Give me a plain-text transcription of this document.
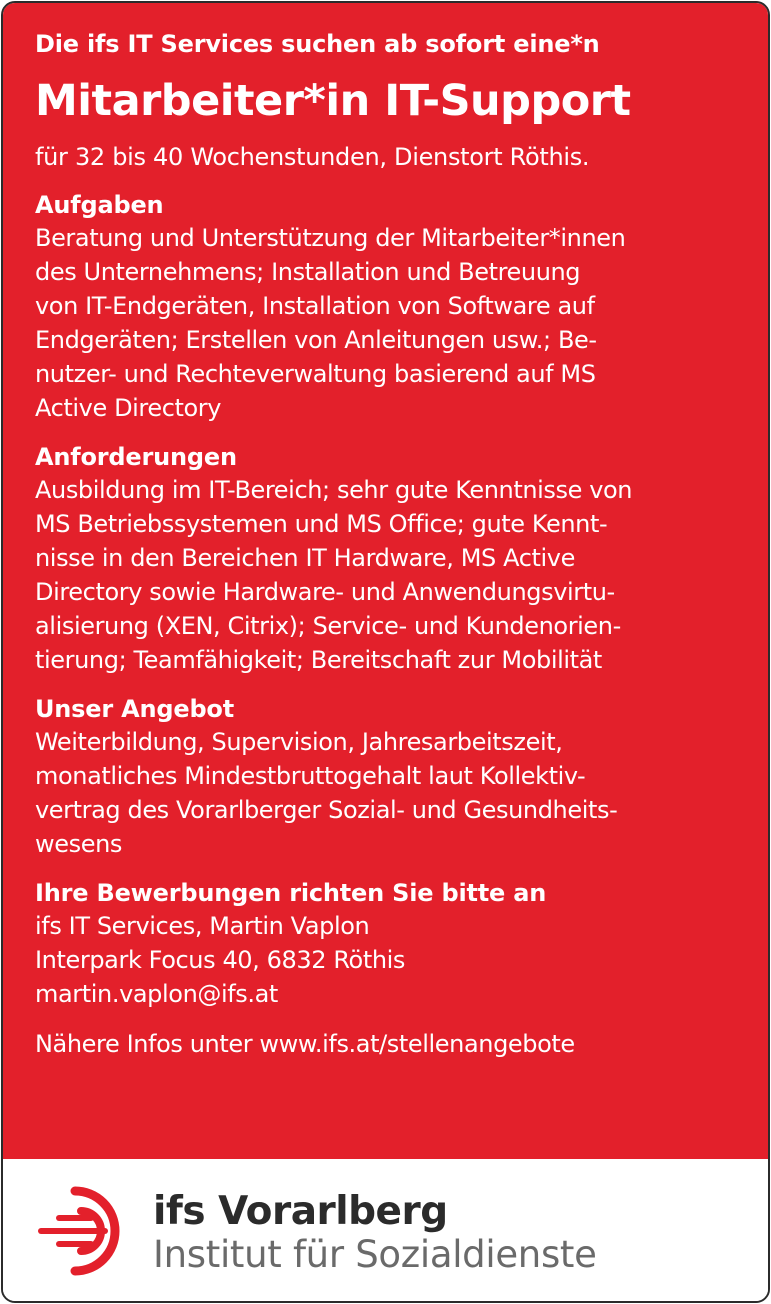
Die ifs IT Services suchen ab sofort eine*n
Mitarbeiter*in IT-Support
für 32 bis 40 Wochenstunden, Dienstort Röthis.
Aufgaben
Beratung und Unterstützung der Mitarbeiter*innen
des Unternehmens; Installation und Betreuung
von IT-Endgeräten, Installation von Software auf
Endgeräten; Erstellen von Anleitungen usw.; Be-
nutzer- und Rechteverwaltung basierend auf MS
Active Directory
Anforderungen
Ausbildung im IT-Bereich; sehr gute Kenntnisse von
MS Betriebssystemen und MS Office; gute Kennt-
nisse in den Bereichen IT Hardware, MS Active
Directory sowie Hardware- und Anwendungsvirtu-
alisierung (XEN, Citrix); Service- und Kundenorien-
tierung; Teamfähigkeit; Bereitschaft zur Mobilität
Unser Angebot
Weiterbildung, Supervision, Jahresarbeitszeit,
monatliches Mindestbruttogehalt laut Kollektiv-
vertrag des Vorarlberger Sozial- und Gesundheits-
wesens
Ihre Bewerbungen richten Sie bitte an
ifs IT Services, Martin Vaplon
Interpark Focus 40, 6832 Röthis
martin.vaplon@ifs.at
Nähere Infos unter www.ifs.at/stellenangebote
ifs Vorarlberg
Institut für Sozialdienste
